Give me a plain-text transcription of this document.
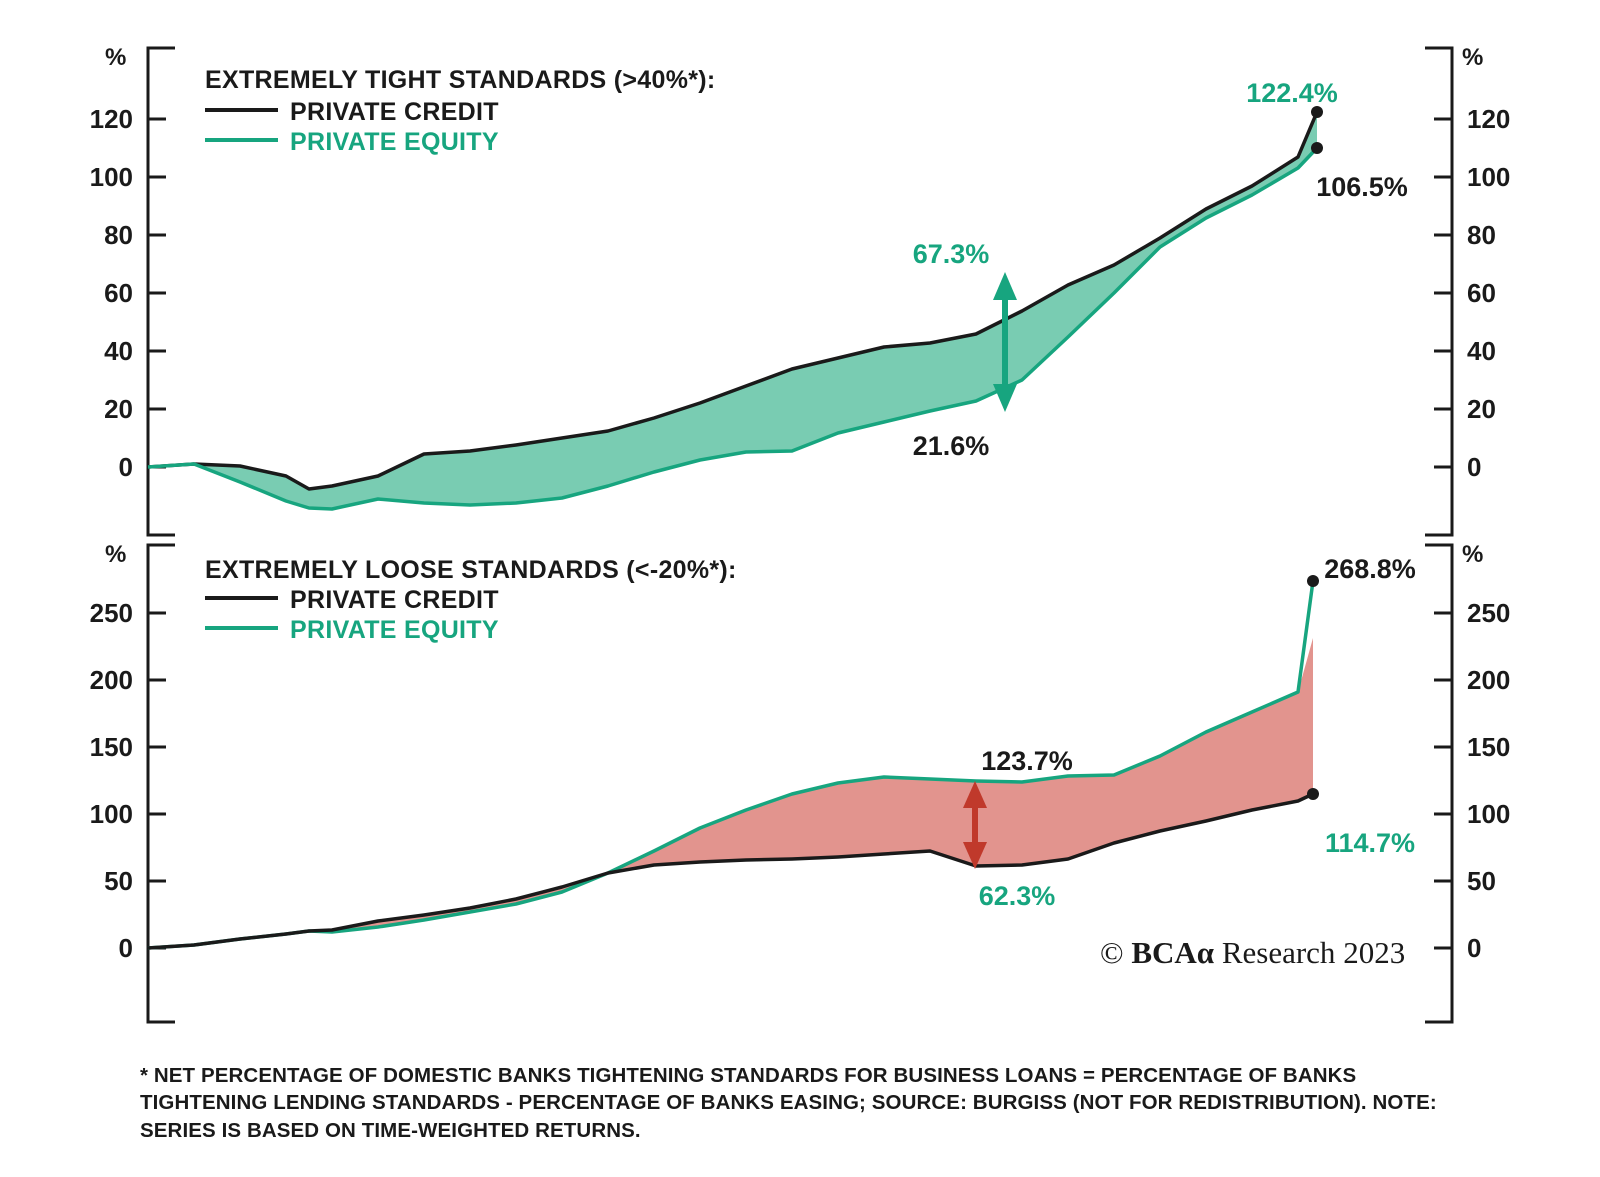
%	%
120
100
80
60
40
20
0
120
100
80
60
40
20
0
EXTREMELY TIGHT STANDARDS (>40%*):
PRIVATE CREDIT
PRIVATE EQUITY
122.4%
106.5%
67.3%
21.6%
%	%
250
200
150
100
50
0
250
200
150
100
50
0
EXTREMELY LOOSE STANDARDS (<-20%*):
PRIVATE CREDIT
PRIVATE EQUITY
268.8%
114.7%
123.7%
62.3%
© BCAα Research 2023
* NET PERCENTAGE OF DOMESTIC BANKS TIGHTENING STANDARDS FOR BUSINESS LOANS = PERCENTAGE OF BANKS TIGHTENING LENDING STANDARDS - PERCENTAGE OF BANKS EASING; SOURCE: BURGISS (NOT FOR REDISTRIBUTION). NOTE: SERIES IS BASED ON TIME-WEIGHTED RETURNS.
